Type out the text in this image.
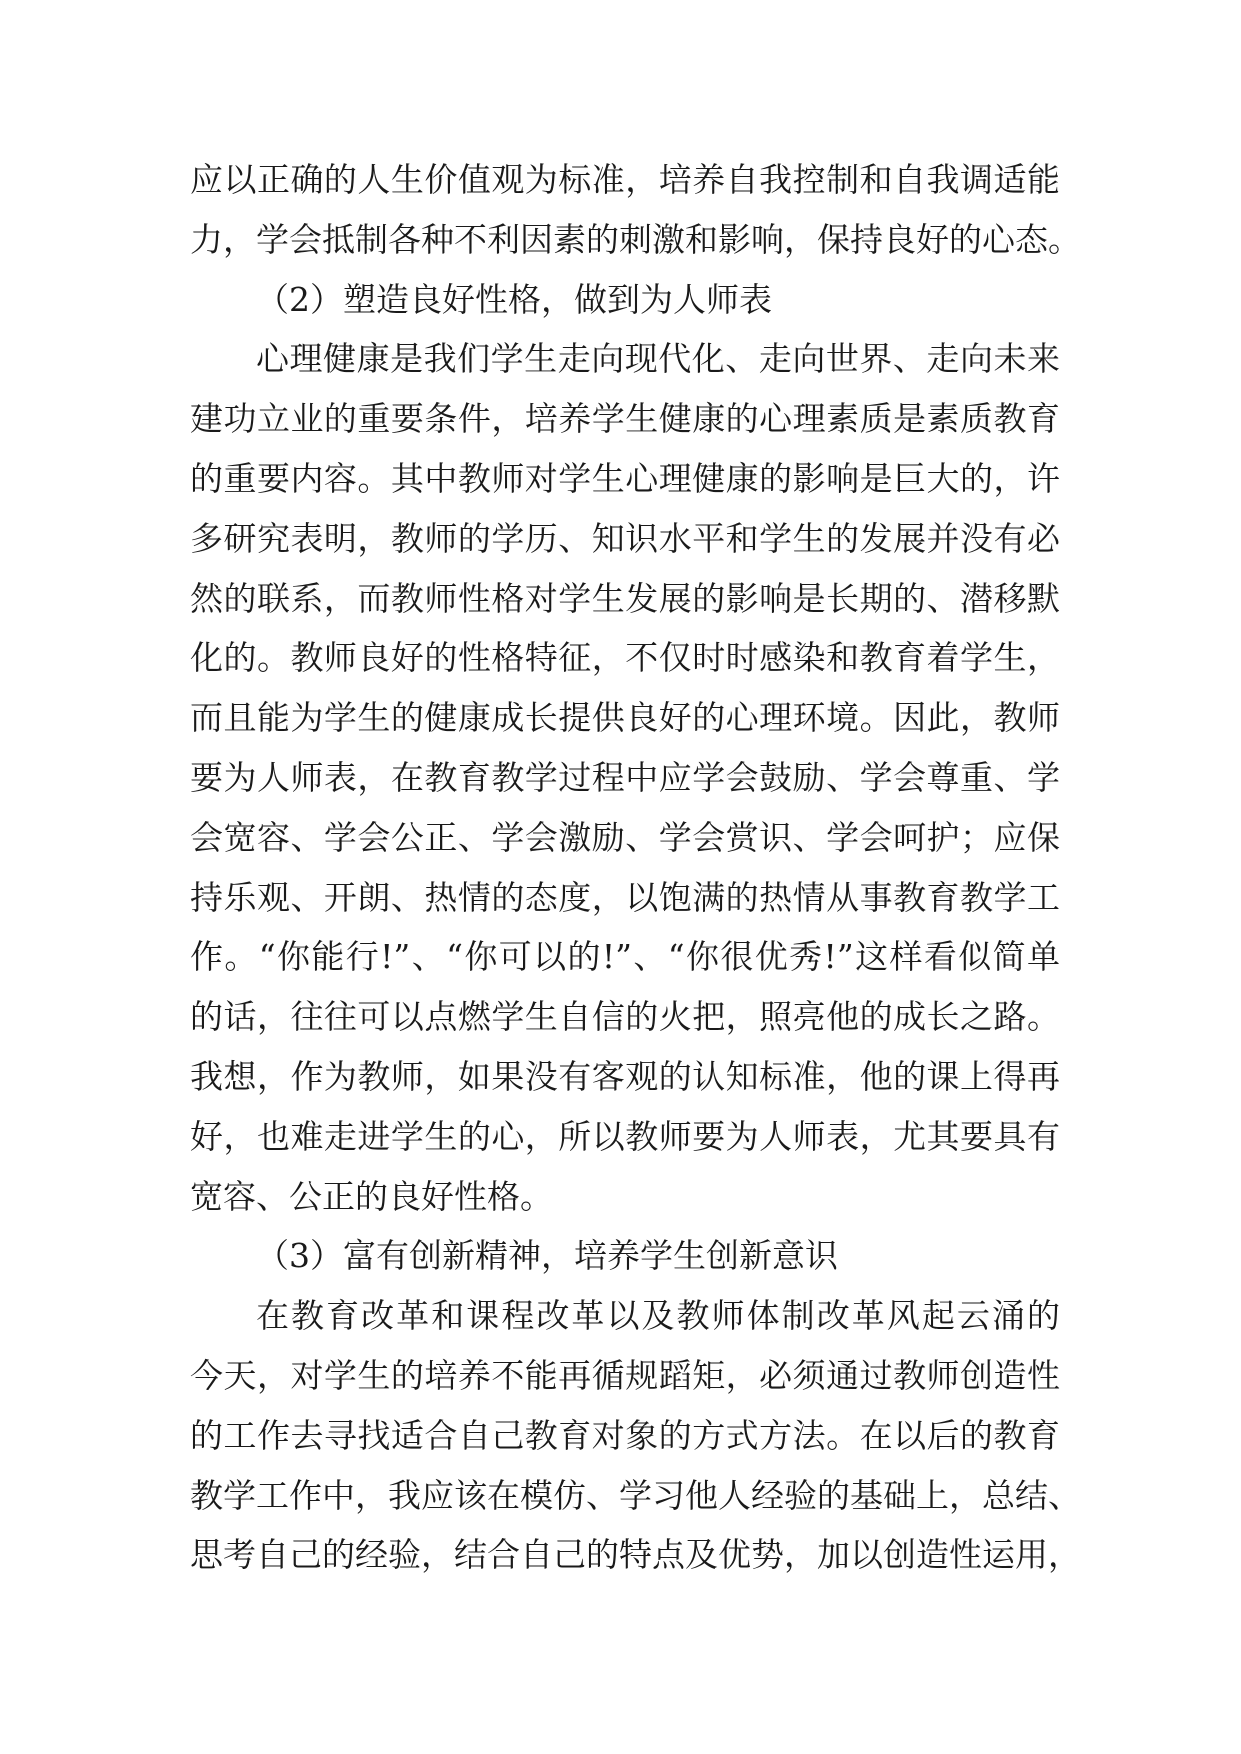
应以正确的人生价值观为标准，培养自我控制和自我调适能
力，学会抵制各种不利因素的刺激和影响，保持良好的心态。
（2）塑造良好性格，做到为人师表
心理健康是我们学生走向现代化、走向世界、走向未来
建功立业的重要条件，培养学生健康的心理素质是素质教育
的重要内容。其中教师对学生心理健康的影响是巨大的，许
多研究表明，教师的学历、知识水平和学生的发展并没有必
然的联系，而教师性格对学生发展的影响是长期的、潜移默
化的。教师良好的性格特征，不仅时时感染和教育着学生，
而且能为学生的健康成长提供良好的心理环境。因此，教师
要为人师表，在教育教学过程中应学会鼓励、学会尊重、学
会宽容、学会公正、学会激励、学会赏识、学会呵护；应保
持乐观、开朗、热情的态度，以饱满的热情从事教育教学工
作。“你能行!”、“你可以的!”、“你很优秀!”这样看似简单
的话，往往可以点燃学生自信的火把，照亮他的成长之路。
我想，作为教师，如果没有客观的认知标准，他的课上得再
好，也难走进学生的心，所以教师要为人师表，尤其要具有
宽容、公正的良好性格。
（3）富有创新精神，培养学生创新意识
在教育改革和课程改革以及教师体制改革风起云涌的
今天，对学生的培养不能再循规蹈矩，必须通过教师创造性
的工作去寻找适合自己教育对象的方式方法。在以后的教育
教学工作中，我应该在模仿、学习他人经验的基础上，总结、
思考自己的经验，结合自己的特点及优势，加以创造性运用，
